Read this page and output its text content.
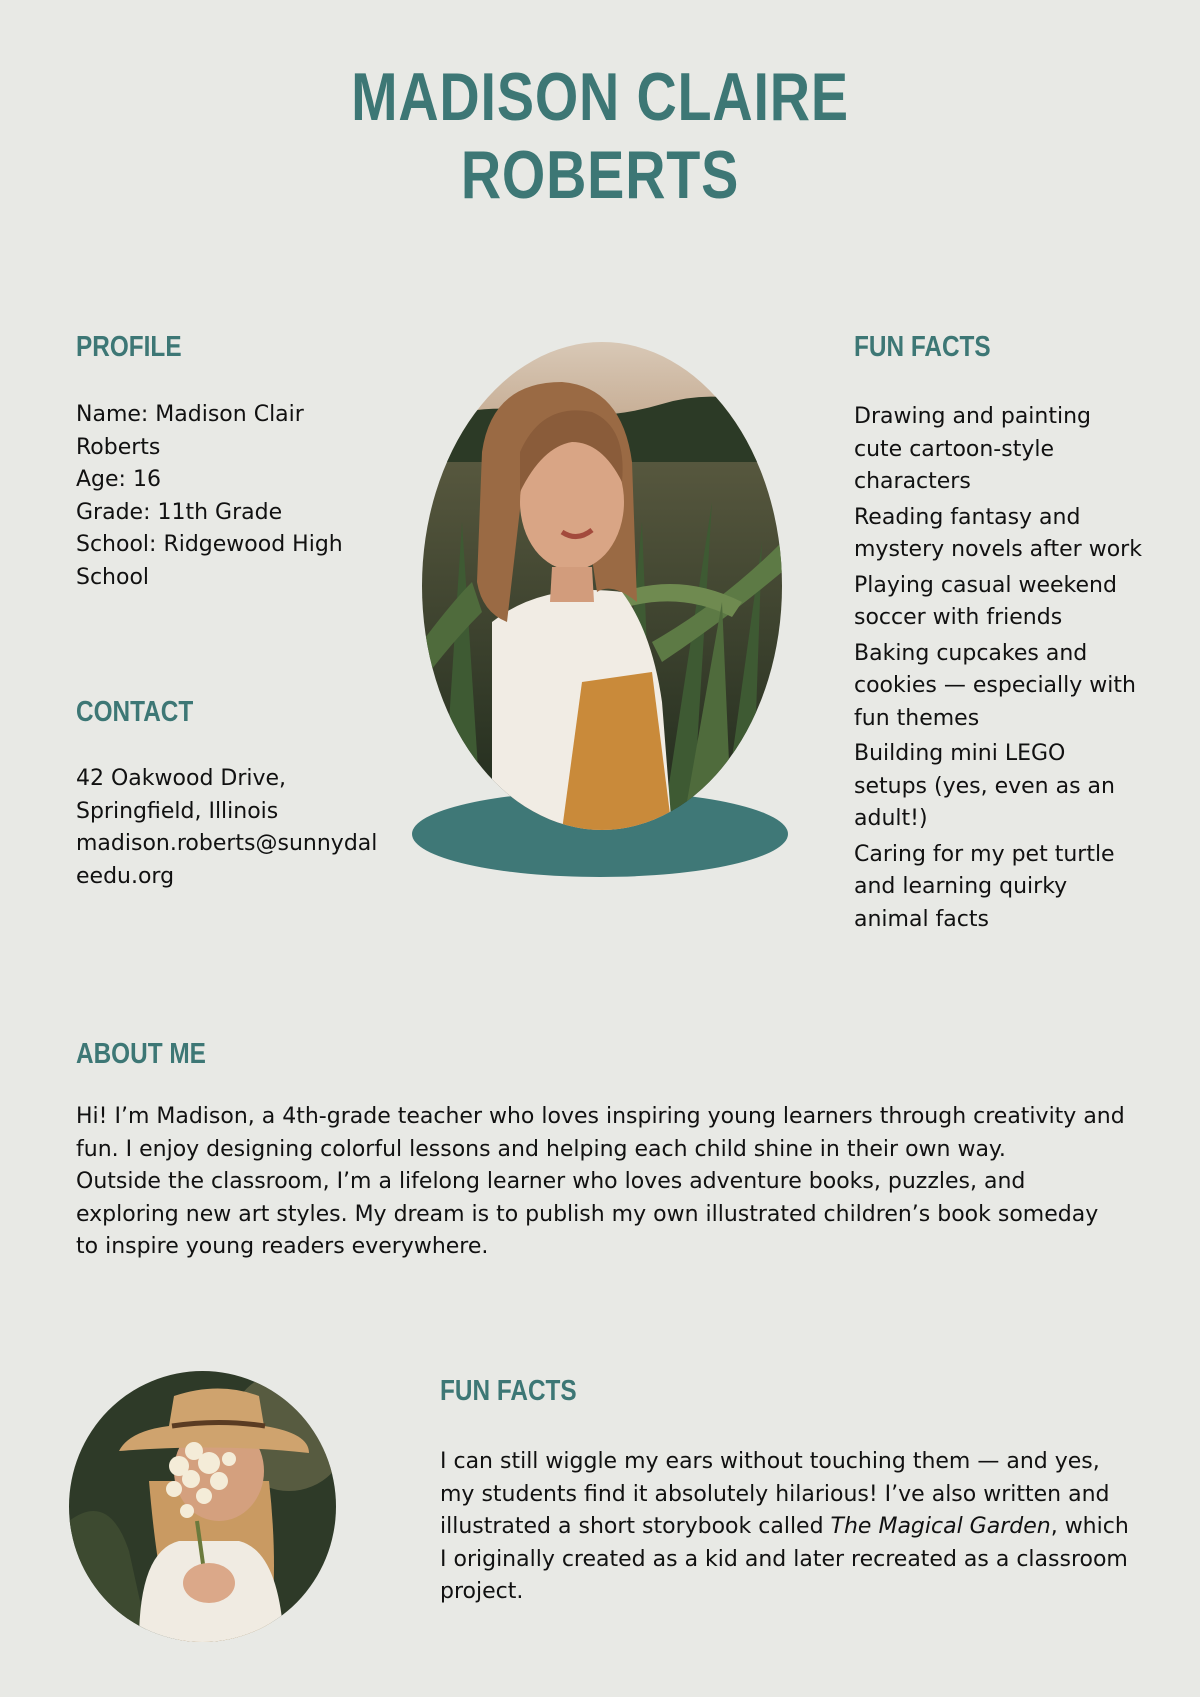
MADISON CLAIRE
ROBERTS
PROFILE

Name: Madison Clair Roberts

Age: 16

Grade: 11th Grade

School: Ridgewood High School

CONTACT

42 Oakwood Drive,

Springfield, Illinois

madison.roberts@sunnydaleedu.org

FUN FACTS
Drawing and painting cute cartoon-style characters
Reading fantasy and mystery novels after work
Playing casual weekend soccer with friends
Baking cupcakes and cookies — especially with fun themes
Building mini LEGO setups (yes, even as an adult!)
Caring for my pet turtle and learning quirky animal facts
ABOUT ME

Hi! I’m Madison, a 4th-grade teacher who loves inspiring young learners through creativity and fun. I enjoy designing colorful lessons and helping each child shine in their own way.

Outside the classroom, I’m a lifelong learner who loves adventure books, puzzles, and exploring new art styles. My dream is to publish my own illustrated children’s book someday to inspire young readers everywhere.

FUN FACTS

I can still wiggle my ears without touching them — and yes, my students find it absolutely hilarious! I’ve also written and illustrated a short storybook called The Magical Garden, which I originally created as a kid and later recreated as a classroom project.
